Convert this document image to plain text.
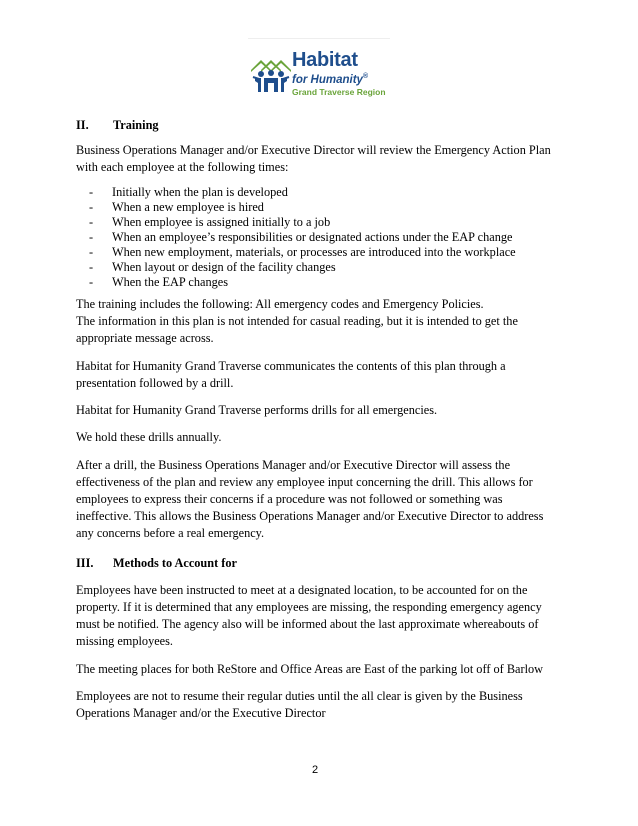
Habitat
for Humanity®
Grand Traverse Region
II. Training
Business Operations Manager and/or Executive Director will review the Emergency Action Plan
with each employee at the following times:
- Initially when the plan is developed
- When a new employee is hired
- When employee is assigned initially to a job
- When an employee’s responsibilities or designated actions under the EAP change
- When new employment, materials, or processes are introduced into the workplace
- When layout or design of the facility changes
- When the EAP changes
The training includes the following: All emergency codes and Emergency Policies.
The information in this plan is not intended for casual reading, but it is intended to get the
appropriate message across.
Habitat for Humanity Grand Traverse communicates the contents of this plan through a
presentation followed by a drill.
Habitat for Humanity Grand Traverse performs drills for all emergencies.
We hold these drills annually.
After a drill, the Business Operations Manager and/or Executive Director will assess the
effectiveness of the plan and review any employee input concerning the drill. This allows for
employees to express their concerns if a procedure was not followed or something was
ineffective. This allows the Business Operations Manager and/or Executive Director to address
any concerns before a real emergency.
III. Methods to Account for
Employees have been instructed to meet at a designated location, to be accounted for on the
property. If it is determined that any employees are missing, the responding emergency agency
must be notified. The agency also will be informed about the last approximate whereabouts of
missing employees.
The meeting places for both ReStore and Office Areas are East of the parking lot off of Barlow
Employees are not to resume their regular duties until the all clear is given by the Business
Operations Manager and/or the Executive Director
2
